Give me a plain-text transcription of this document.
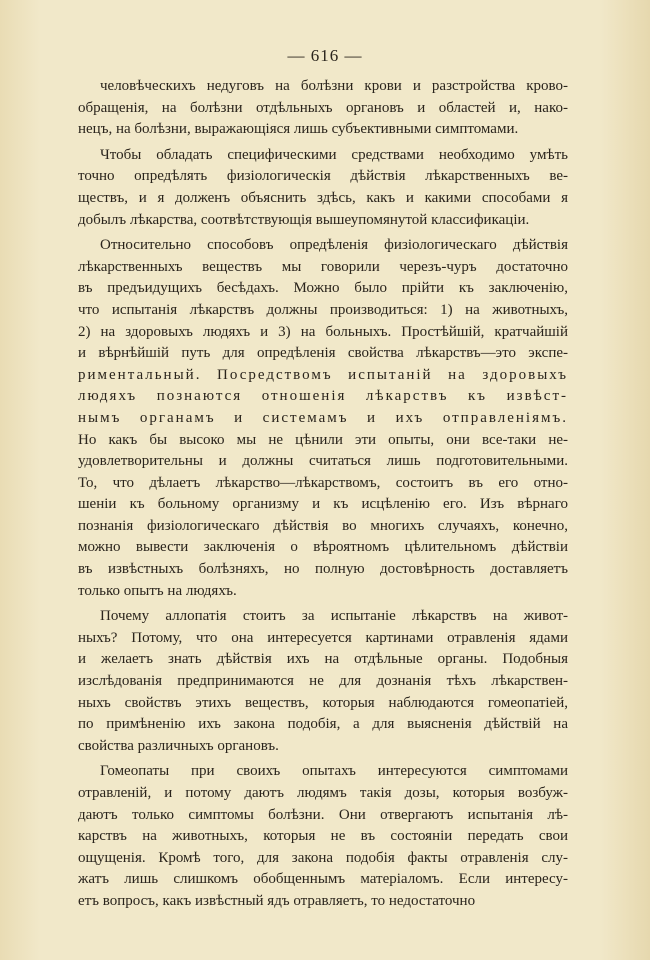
— 616 —
человѣческихъ недуговъ на болѣзни крови и разстройства крово-
обращенія, на болѣзни отдѣльныхъ органовъ и областей и, нако-
нецъ, на болѣзни, выражающіяся лишь субъективными симптомами.
Чтобы обладать специфическими средствами необходимо умѣть
точно опредѣлять физіологическія дѣйствія лѣкарственныхъ ве-
ществъ, и я долженъ объяснить здѣсь, какъ и какими способами я
добылъ лѣкарства, соотвѣтствующія вышеупомянутой классификаціи.
Относительно способовъ опредѣленія физіологическаго дѣйствія
лѣкарственныхъ веществъ мы говорили черезъ-чуръ достаточно
въ предъидущихъ бесѣдахъ. Можно было прійти къ заключенію,
что испытанія лѣкарствъ должны производиться: 1) на животныхъ,
2) на здоровыхъ людяхъ и 3) на больныхъ. Простѣйшій, кратчайшій
и вѣрнѣйшій путь для опредѣленія свойства лѣкарствъ—это экспе-
риментальный. Посредствомъ испытаній на здоровыхъ
людяхъ познаются отношенія лѣкарствъ къ извѣст-
нымъ органамъ и системамъ и ихъ отправленіямъ.
Но какъ бы высоко мы не цѣнили эти опыты, они все-таки не-
удовлетворительны и должны считаться лишь подготовительными.
То, что дѣлаетъ лѣкарство—лѣкарствомъ, состоитъ въ его отно-
шеніи къ больному организму и къ исцѣленію его. Изъ вѣрнаго
познанія физіологическаго дѣйствія во многихъ случаяхъ, конечно,
можно вывести заключенія о вѣроятномъ цѣлительномъ дѣйствіи
въ извѣстныхъ болѣзняхъ, но полную достовѣрность доставляетъ
только опытъ на людяхъ.
Почему аллопатія стоитъ за испытаніе лѣкарствъ на живот-
ныхъ? Потому, что она интересуется картинами отравленія ядами
и желаетъ знать дѣйствія ихъ на отдѣльные органы. Подобныя
изслѣдованія предпринимаются не для дознанія тѣхъ лѣкарствен-
ныхъ свойствъ этихъ веществъ, которыя наблюдаются гомеопатіей,
по примѣненію ихъ закона подобія, а для выясненія дѣйствій на
свойства различныхъ органовъ.
Гомеопаты при своихъ опытахъ интересуются симптомами
отравленій, и потому даютъ людямъ такія дозы, которыя возбуж-
даютъ только симптомы болѣзни. Они отвергаютъ испытанія лѣ-
карствъ на животныхъ, которыя не въ состояніи передать свои
ощущенія. Кромѣ того, для закона подобія факты отравленія слу-
жатъ лишь слишкомъ обобщеннымъ матеріаломъ. Если интересу-
етъ вопросъ, какъ извѣстный ядъ отравляетъ, то недостаточно
